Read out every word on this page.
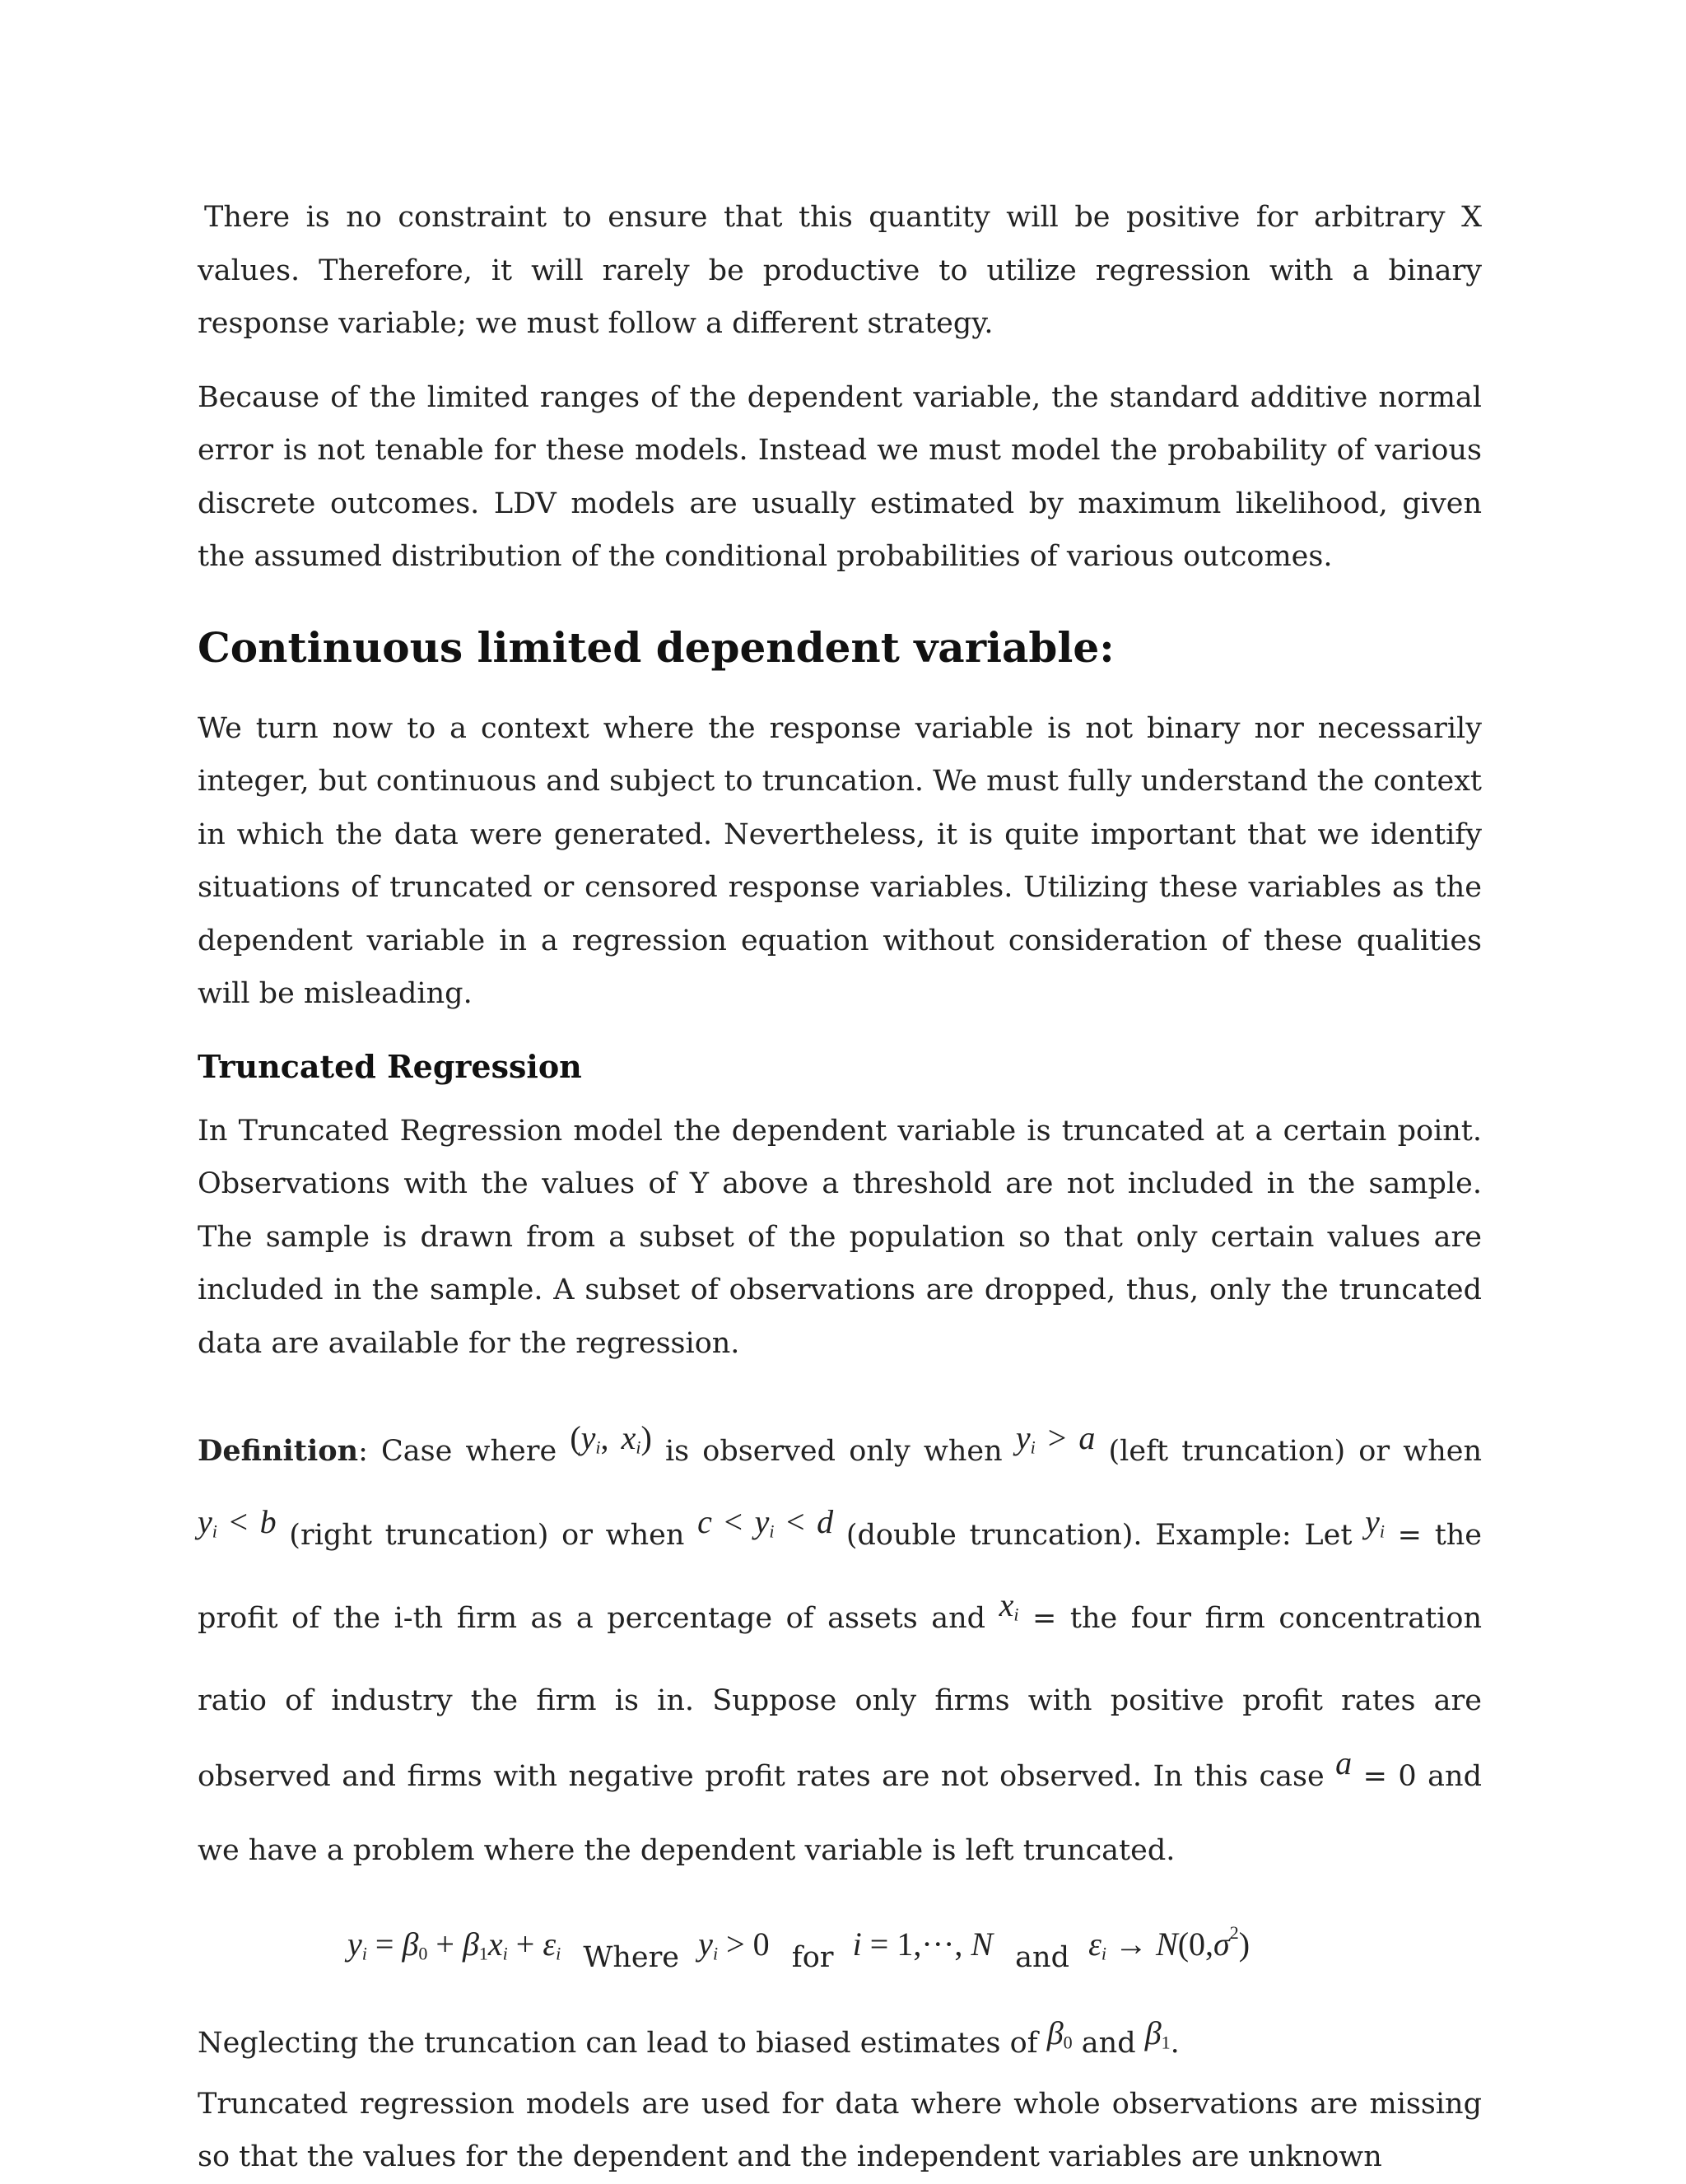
There is no constraint to ensure that this quantity will be positive for arbitrary X values. Therefore, it will rarely be productive to utilize regression with a binary response variable; we must follow a different strategy.

Because of the limited ranges of the dependent variable, the standard additive normal error is not tenable for these models. Instead we must model the probability of various discrete outcomes. LDV models are usually estimated by maximum likelihood, given the assumed distribution of the conditional probabilities of various outcomes.

Continuous limited dependent variable:

We turn now to a context where the response variable is not binary nor necessarily integer, but continuous and subject to truncation. We must fully understand the context in which the data were generated. Nevertheless, it is quite important that we identify situations of truncated or censored response variables. Utilizing these variables as the dependent variable in a regression equation without consideration of these qualities will be misleading.

Truncated Regression

In Truncated Regression model the dependent variable is truncated at a certain point. Observations with the values of Y above a threshold are not included in the sample. The sample is drawn from a subset of the population so that only certain values are included in the sample. A subset of observations are dropped, thus, only the truncated data are available for the regression.

Definition: Case where ($y_i$, $x_i$) is observed only when $y_i > a$ (left truncation) or when $y_i < b$ (right truncation) or when $c < y_i < d$ (double truncation). Example: Let $y_i$ = the profit of the i-th firm as a percentage of assets and $x_i$ = the four firm concentration ratio of industry the firm is in. Suppose only firms with positive profit rates are observed and firms with negative profit rates are not observed. In this case a = 0 and we have a problem where the dependent variable is left truncated.

$y_i = \beta_0 + \beta_1x_i + \varepsilon_i$ Where $y_i > 0$ for i = 1,···, N and $\varepsilon_i \to N(0,\sigma^2)$

Neglecting the truncation can lead to biased estimates of $\beta_0$ and $\beta_1$.

Truncated regression models are used for data where whole observations are missing so that the values for the dependent and the independent variables are unknown
